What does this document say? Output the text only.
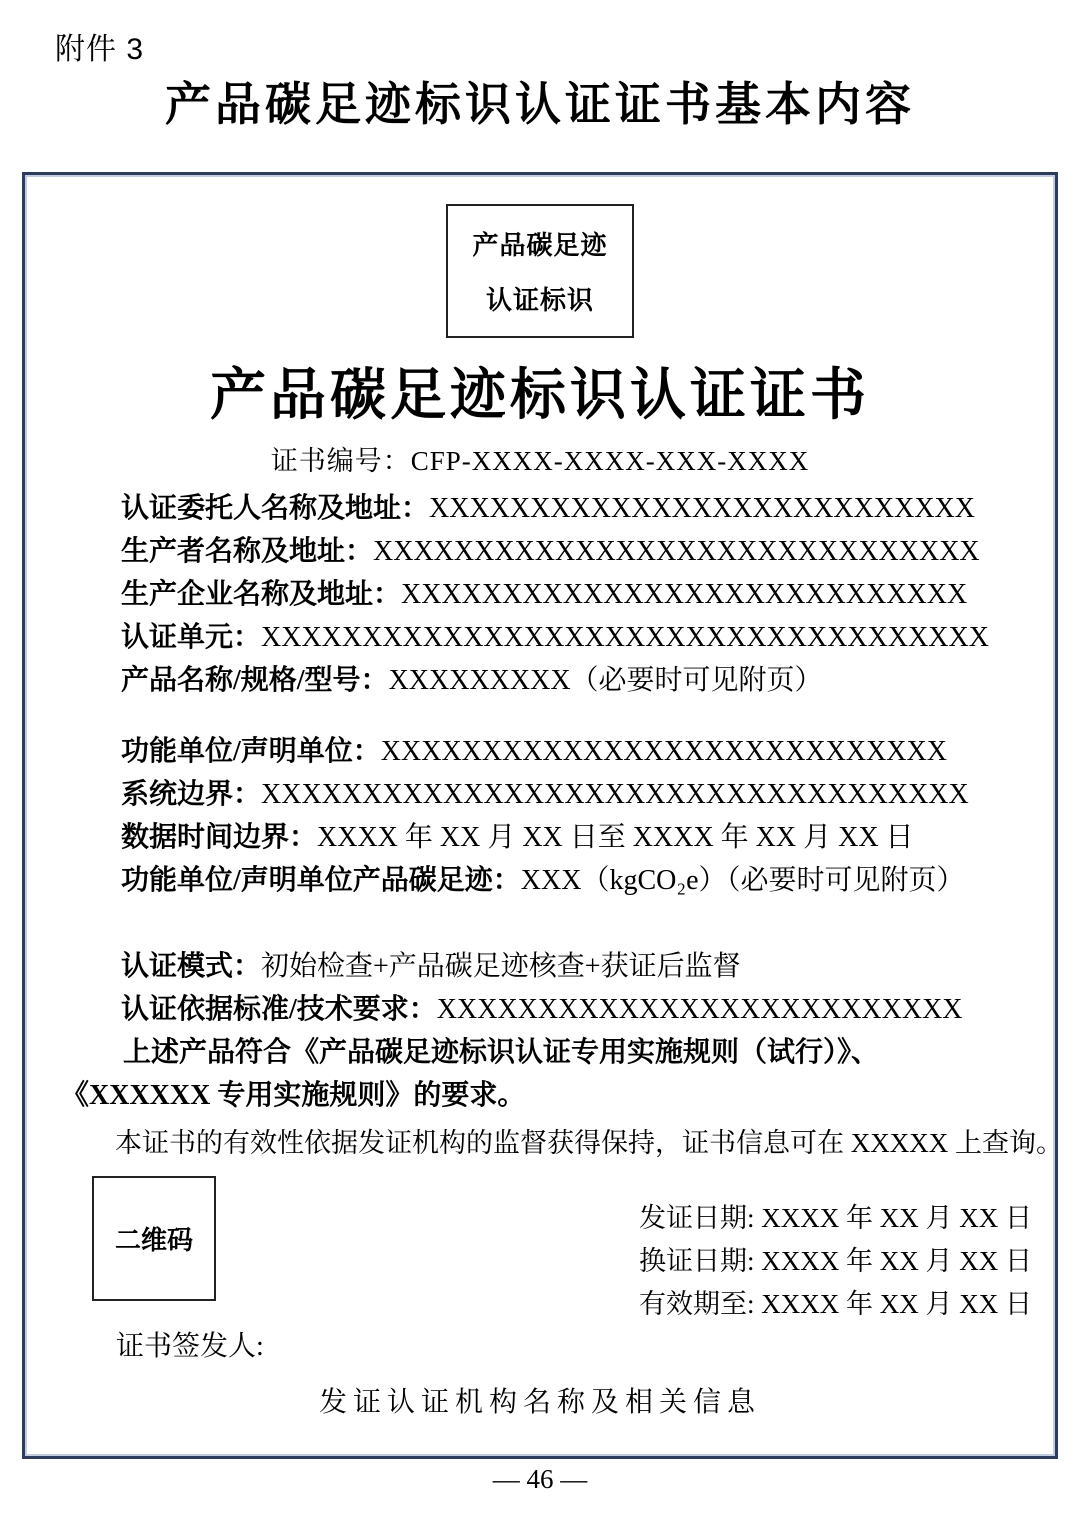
附件 3
产品碳足迹标识认证证书基本内容
产品碳足迹
认证标识
产品碳足迹标识认证证书
证书编号：CFP-XXXX-XXXX-XXX-XXXX
认证委托人名称及地址：XXXXXXXXXXXXXXXXXXXXXXXXXXX
生产者名称及地址：XXXXXXXXXXXXXXXXXXXXXXXXXXXXXX
生产企业名称及地址：XXXXXXXXXXXXXXXXXXXXXXXXXXXX
认证单元：XXXXXXXXXXXXXXXXXXXXXXXXXXXXXXXXXXXX
产品名称/规格/型号：XXXXXXXXX（必要时可见附页）
功能单位/声明单位：XXXXXXXXXXXXXXXXXXXXXXXXXXXX
系统边界：XXXXXXXXXXXXXXXXXXXXXXXXXXXXXXXXXXX
数据时间边界：XXXX 年 XX 月 XX 日至 XXXX 年 XX 月 XX 日
功能单位/声明单位产品碳足迹：XXX（kgCO₂e）（必要时可见附页）
认证模式：初始检查+产品碳足迹核查+获证后监督
认证依据标准/技术要求：XXXXXXXXXXXXXXXXXXXXXXXXXX
上述产品符合《产品碳足迹标识认证专用实施规则（试行）》、
《XXXXXX 专用实施规则》的要求。
本证书的有效性依据发证机构的监督获得保持，证书信息可在 XXXXX 上查询。
二维码
发证日期: XXXX 年 XX 月 XX 日
换证日期: XXXX 年 XX 月 XX 日
有效期至: XXXX 年 XX 月 XX 日
证书签发人:
发证认证机构名称及相关信息
— 46 —
